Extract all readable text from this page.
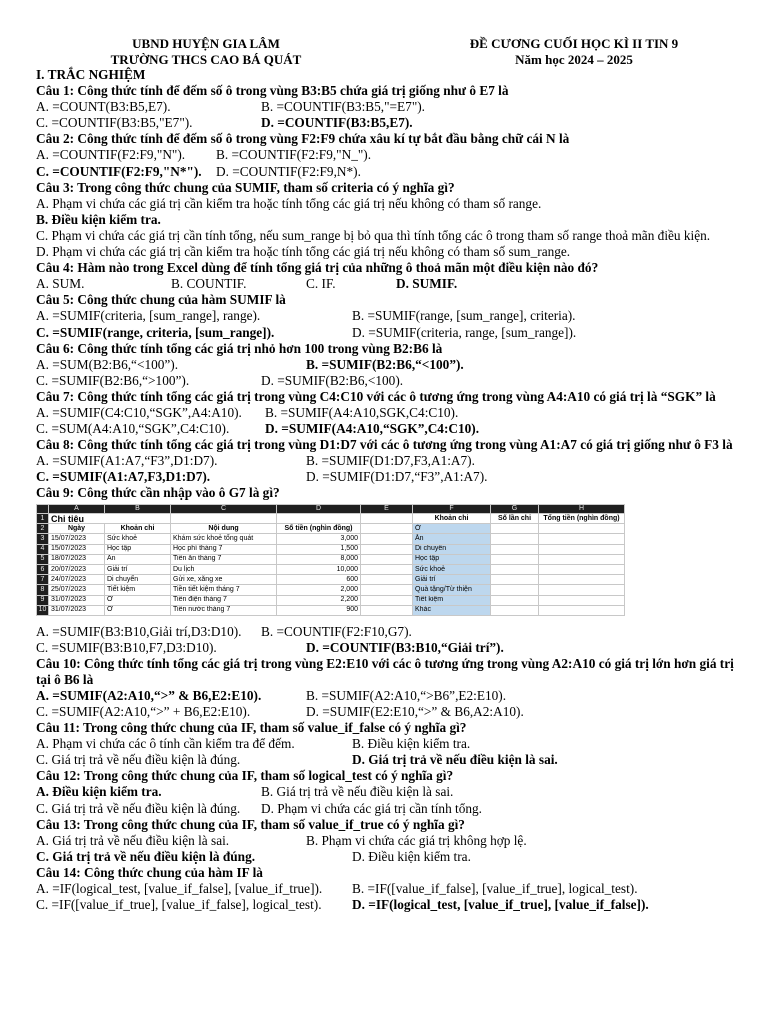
UBND HUYỆN GIA LÂM
TRƯỜNG THCS CAO BÁ QUÁT
ĐỀ CƯƠNG CUỐI HỌC KÌ II TIN 9
Năm học 2024 – 2025
I. TRẮC NGHIỆM
Câu 1: Công thức tính để đếm số ô trong vùng B3:B5 chứa giá trị giống như ô E7 là
A. =COUNT(B3:B5,E7).	B. =COUNTIF(B3:B5,"=E7").
C. =COUNTIF(B3:B5,"E7").	D. =COUNTIF(B3:B5,E7).
Câu 2: Công thức tính để đếm số ô trong vùng F2:F9 chứa xâu kí tự bắt đầu bằng chữ cái N là
A. =COUNTIF(F2:F9,"N").	B. =COUNTIF(F2:F9,"N_").
C. =COUNTIF(F2:F9,"N*").	D. =COUNTIF(F2:F9,N*).
Câu 3: Trong công thức chung của SUMIF, tham số criteria có ý nghĩa gì?
A. Phạm vi chứa các giá trị cần kiểm tra hoặc tính tổng các giá trị nếu không có tham số range.
B. Điều kiện kiểm tra.
C. Phạm vi chứa các giá trị cần tính tổng, nếu sum_range bị bỏ qua thì tính tổng các ô trong tham số range thoả mãn điều kiện.
D. Phạm vi chứa các giá trị cần kiểm tra hoặc tính tổng các giá trị nếu không có tham số sum_range.
Câu 4: Hàm nào trong Excel dùng để tính tổng giá trị của những ô thoả mãn một điều kiện nào đó?
A. SUM.	B. COUNTIF.	C. IF.	D. SUMIF.
Câu 5: Công thức chung của hàm SUMIF là
A. =SUMIF(criteria, [sum_range], range).	B. =SUMIF(range, [sum_range], criteria).
C. =SUMIF(range, criteria, [sum_range]).	D. =SUMIF(criteria, range, [sum_range]).
Câu 6: Công thức tính tổng các giá trị nhỏ hơn 100 trong vùng B2:B6 là
A. =SUM(B2:B6,“<100”).	B. =SUMIF(B2:B6,“<100”).
C. =SUMIF(B2:B6,“>100”).	D. =SUMIF(B2:B6,<100).
Câu 7: Công thức tính tổng các giá trị trong vùng C4:C10 với các ô tương ứng trong vùng A4:A10 có giá trị là “SGK” là
A. =SUMIF(C4:C10,“SGK”,A4:A10).	B. =SUMIF(A4:A10,SGK,C4:C10).
C. =SUM(A4:A10,“SGK”,C4:C10).	D. =SUMIF(A4:A10,“SGK”,C4:C10).
Câu 8: Công thức tính tổng các giá trị trong vùng D1:D7 với các ô tương ứng trong vùng A1:A7 có giá trị giống như ô F3 là
A. =SUMIF(A1:A7,“F3”,D1:D7).	B. =SUMIF(D1:D7,F3,A1:A7).
C. =SUMIF(A1:A7,F3,D1:D7).	D. =SUMIF(D1:D7,“F3”,A1:A7).
Câu 9: Công thức cần nhập vào ô G7 là gì?
	A	B	C	D	E	F	G	H
1	Chi tiêu					Khoản chi	Số lần chi	Tổng tiền (nghìn đồng)
2	Ngày	Khoản chi	Nội dung	Số tiền (nghìn đồng)		Ở		
3	15/07/2023	Sức khoẻ	Khám sức khoẻ tổng quát	3,000		Ăn		
4	15/07/2023	Học tập	Học phí tháng 7	1,500		Di chuyển		
5	18/07/2023	Ăn	Tiền ăn tháng 7	8,000		Học tập		
6	20/07/2023	Giải trí	Du lịch	10,000		Sức khoẻ		
7	24/07/2023	Di chuyển	Gửi xe, xăng xe	600		Giải trí		
8	25/07/2023	Tiết kiệm	Tiền tiết kiệm tháng 7	2,000		Quà tặng/Từ thiện		
9	31/07/2023	Ở	Tiền điện tháng 7	2,200		Tiết kiệm		
10	31/07/2023	Ở	Tiền nước tháng 7	900		Khác		
A. =SUMIF(B3:B10,Giải trí,D3:D10).	B. =COUNTIF(F2:F10,G7).
C. =SUMIF(B3:B10,F7,D3:D10).	D. =COUNTIF(B3:B10,“Giải trí”).
Câu 10: Công thức tính tổng các giá trị trong vùng E2:E10 với các ô tương ứng trong vùng A2:A10 có giá trị lớn hơn giá trị tại ô B6 là
A. =SUMIF(A2:A10,“>” & B6,E2:E10).	B. =SUMIF(A2:A10,“>B6”,E2:E10).
C. =SUMIF(A2:A10,“>” + B6,E2:E10).	D. =SUMIF(E2:E10,“>” & B6,A2:A10).
Câu 11: Trong công thức chung của IF, tham số value_if_false có ý nghĩa gì?
A. Phạm vi chứa các ô tính cần kiểm tra để đếm.	B. Điều kiện kiểm tra.
C. Giá trị trả về nếu điều kiện là đúng.	D. Giá trị trả về nếu điều kiện là sai.
Câu 12: Trong công thức chung của IF, tham số logical_test có ý nghĩa gì?
A. Điều kiện kiểm tra.	B. Giá trị trả về nếu điều kiện là sai.
C. Giá trị trả về nếu điều kiện là đúng.	D. Phạm vi chứa các giá trị cần tính tổng.
Câu 13: Trong công thức chung của IF, tham số value_if_true có ý nghĩa gì?
A. Giá trị trả về nếu điều kiện là sai.	B. Phạm vi chứa các giá trị không hợp lệ.
C. Giá trị trả về nếu điều kiện là đúng.	D. Điều kiện kiểm tra.
Câu 14: Công thức chung của hàm IF là
A. =IF(logical_test, [value_if_false], [value_if_true]).	B. =IF([value_if_false], [value_if_true], logical_test).
C. =IF([value_if_true], [value_if_false], logical_test).	D. =IF(logical_test, [value_if_true], [value_if_false]).
